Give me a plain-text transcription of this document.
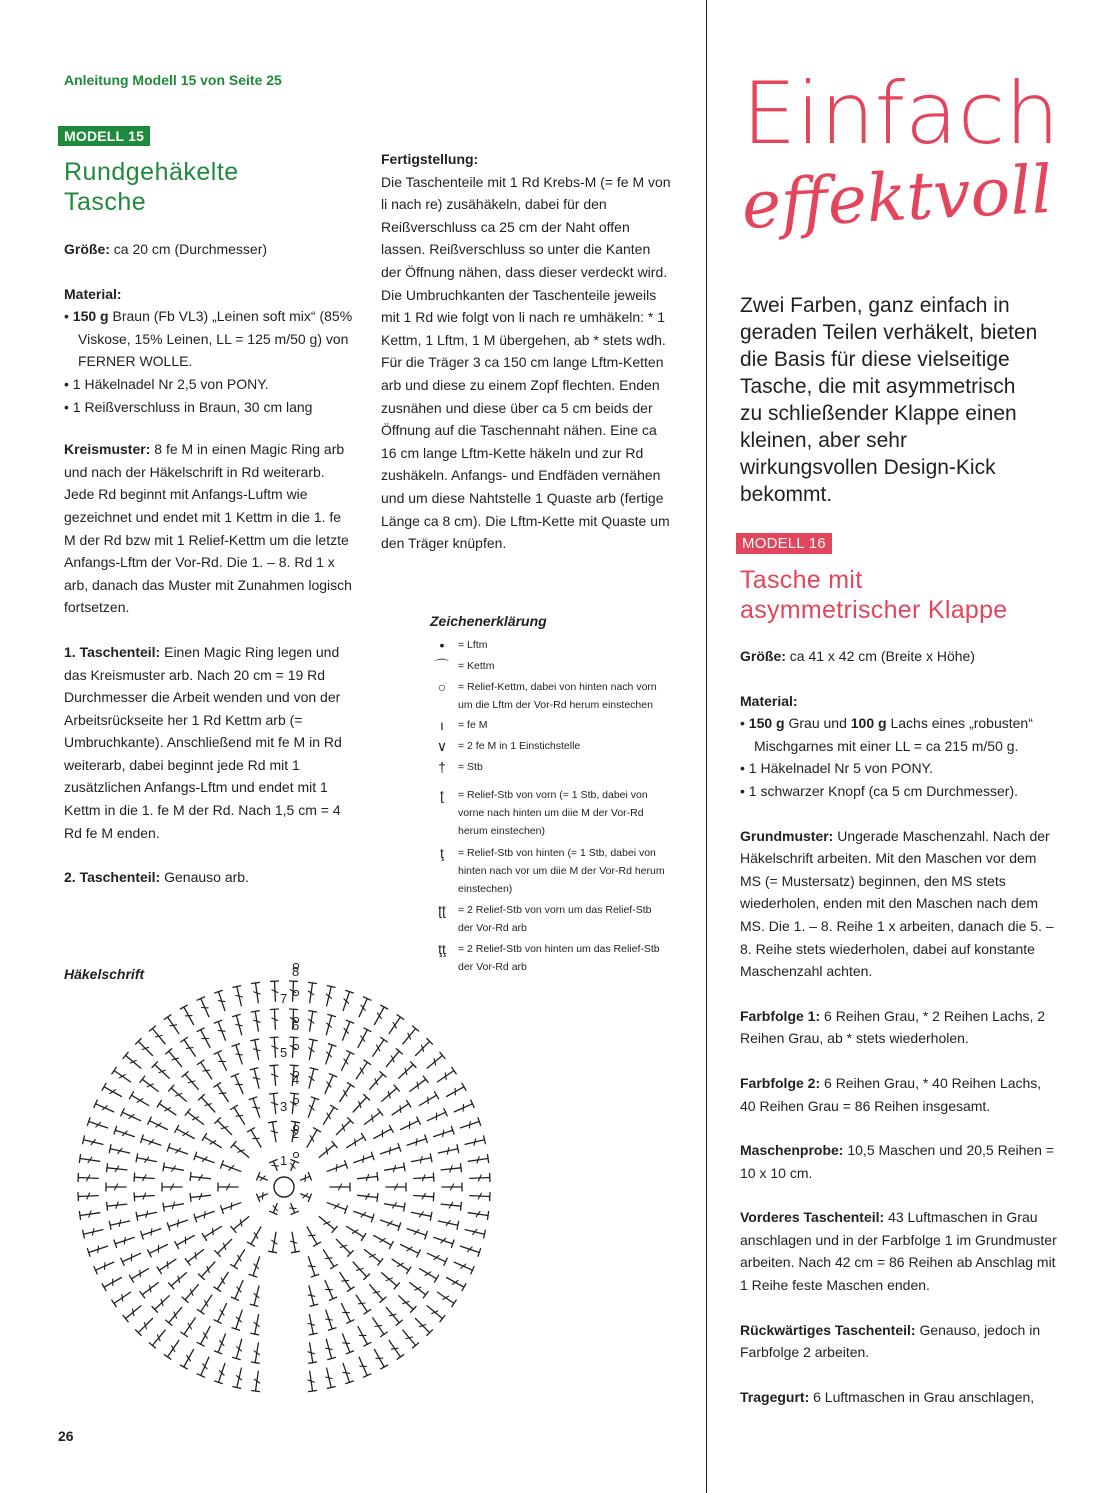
Anleitung Modell 15 von Seite 25
MODELL 15
Rundgehäkelte
Tasche

Größe: ca 20 cm (Durchmesser)

Material:

• 150 g Braun (Fb VL3) „Leinen soft mix“ (85% Viskose, 15% Leinen, LL = 125 m/50 g) von FERNER WOLLE.
• 1 Häkelnadel Nr 2,5 von PONY.
• 1 Reißverschluss in Braun, 30 cm lang

Kreismuster: 8 fe M in einen Magic Ring arb und nach der Häkelschrift in Rd weiterarb. Jede Rd beginnt mit Anfangs-Luftm wie gezeichnet und endet mit 1 Kettm in die 1. fe M der Rd bzw mit 1 Relief-Kettm um die letzte Anfangs-Lftm der Vor-Rd. Die 1. – 8. Rd 1 x arb, danach das Muster mit Zunahmen logisch fortsetzen.

1. Taschenteil: Einen Magic Ring legen und das Kreismuster arb. Nach 20 cm = 19 Rd Durchmesser die Arbeit wenden und von der Arbeitsrückseite her 1 Rd Kettm arb (= Umbruchkante). Anschließend mit fe M in Rd weiterarb, dabei beginnt jede Rd mit 1 zusätzlichen Anfangs-Lftm und endet mit 1 Kettm in die 1. fe M der Rd. Nach 1,5 cm = 4 Rd fe M enden.

2. Taschenteil: Genauso arb.

Fertigstellung:
Die Taschenteile mit 1 Rd Krebs-M (= fe M von li nach re) zusähäkeln, dabei für den Reißverschluss ca 25 cm der Naht offen lassen. Reißverschluss so unter die Kanten der Öffnung nähen, dass dieser verdeckt wird. Die Umbruchkanten der Taschenteile jeweils mit 1 Rd wie folgt von li nach re umhäkeln: * 1 Kettm, 1 Lftm, 1 M übergehen, ab * stets wdh. Für die Träger 3 ca 150 cm lange Lftm-Ketten arb und diese zu einem Zopf flechten. Enden zusnähen und diese über ca 5 cm beids der Öffnung auf die Taschennaht nähen. Eine ca 16 cm lange Lftm-Kette häkeln und zur Rd zushäkeln. Anfangs- und Endfäden vernähen und um diese Nahtstelle 1 Quaste arb (fertige Länge ca 8 cm). Die Lftm-Kette mit Quaste um den Träger knüpfen.
Zeichenerklärung
•	= Lftm
⌒ = Kettm
○	= Relief-Kettm, dabei von hinten nach vorn um die Lftm der Vor-Rd herum einstechen
ı	= fe M
∨	= 2 fe M in 1 Einstichstelle
†	= Stb
ʈ	= Relief-Stb von vorn (= 1 Stb, dabei von vorne nach hinten um diie M der Vor-Rd herum einstechen)
ţ	= Relief-Stb von hinten (= 1 Stb, dabei von hinten nach vor um diie M der Vor-Rd herum einstechen)
ʈʈ	= 2 Relief-Stb von vorn um das Relief-Stb der Vor-Rd arb
ţţ	= 2 Relief-Stb von hinten um das Relief-Stb der Vor-Rd arb
Häkelschrift
1
2
3
4
5
6
7
8
Einfach
effektvoll
Zwei Farben, ganz einfach in geraden Teilen verhäkelt, bieten die Basis für diese vielseitige Tasche, die mit asymmetrisch zu schließender Klappe einen kleinen, aber sehr wirkungsvollen Design-Kick bekommt.
MODELL 16
Tasche mit
asymmetrischer Klappe

Größe: ca 41 x 42 cm (Breite x Höhe)

Material:

• 150 g Grau und 100 g Lachs eines „robusten“ Mischgarnes mit einer LL = ca 215 m/50 g.
• 1 Häkelnadel Nr 5 von PONY.
• 1 schwarzer Knopf (ca 5 cm Durchmesser).

Grundmuster: Ungerade Maschenzahl. Nach der Häkelschrift arbeiten. Mit den Maschen vor dem MS (= Mustersatz) beginnen, den MS stets wiederholen, enden mit den Maschen nach dem MS. Die 1. – 8. Reihe 1 x arbeiten, danach die 5. – 8. Reihe stets wiederholen, dabei auf konstante Maschenzahl achten.

Farbfolge 1: 6 Reihen Grau, * 2 Reihen Lachs, 2 Reihen Grau, ab * stets wiederholen.

Farbfolge 2: 6 Reihen Grau, * 40 Reihen Lachs, 40 Reihen Grau = 86 Reihen insgesamt.

Maschenprobe: 10,5 Maschen und 20,5 Reihen = 10 x 10 cm.

Vorderes Taschenteil: 43 Luftmaschen in Grau anschlagen und in der Farbfolge 1 im Grundmuster arbeiten. Nach 42 cm = 86 Reihen ab Anschlag mit 1 Reihe feste Maschen enden.

Rückwärtiges Taschenteil: Genauso, jedoch in Farbfolge 2 arbeiten.

Tragegurt: 6 Luftmaschen in Grau anschlagen,

26
